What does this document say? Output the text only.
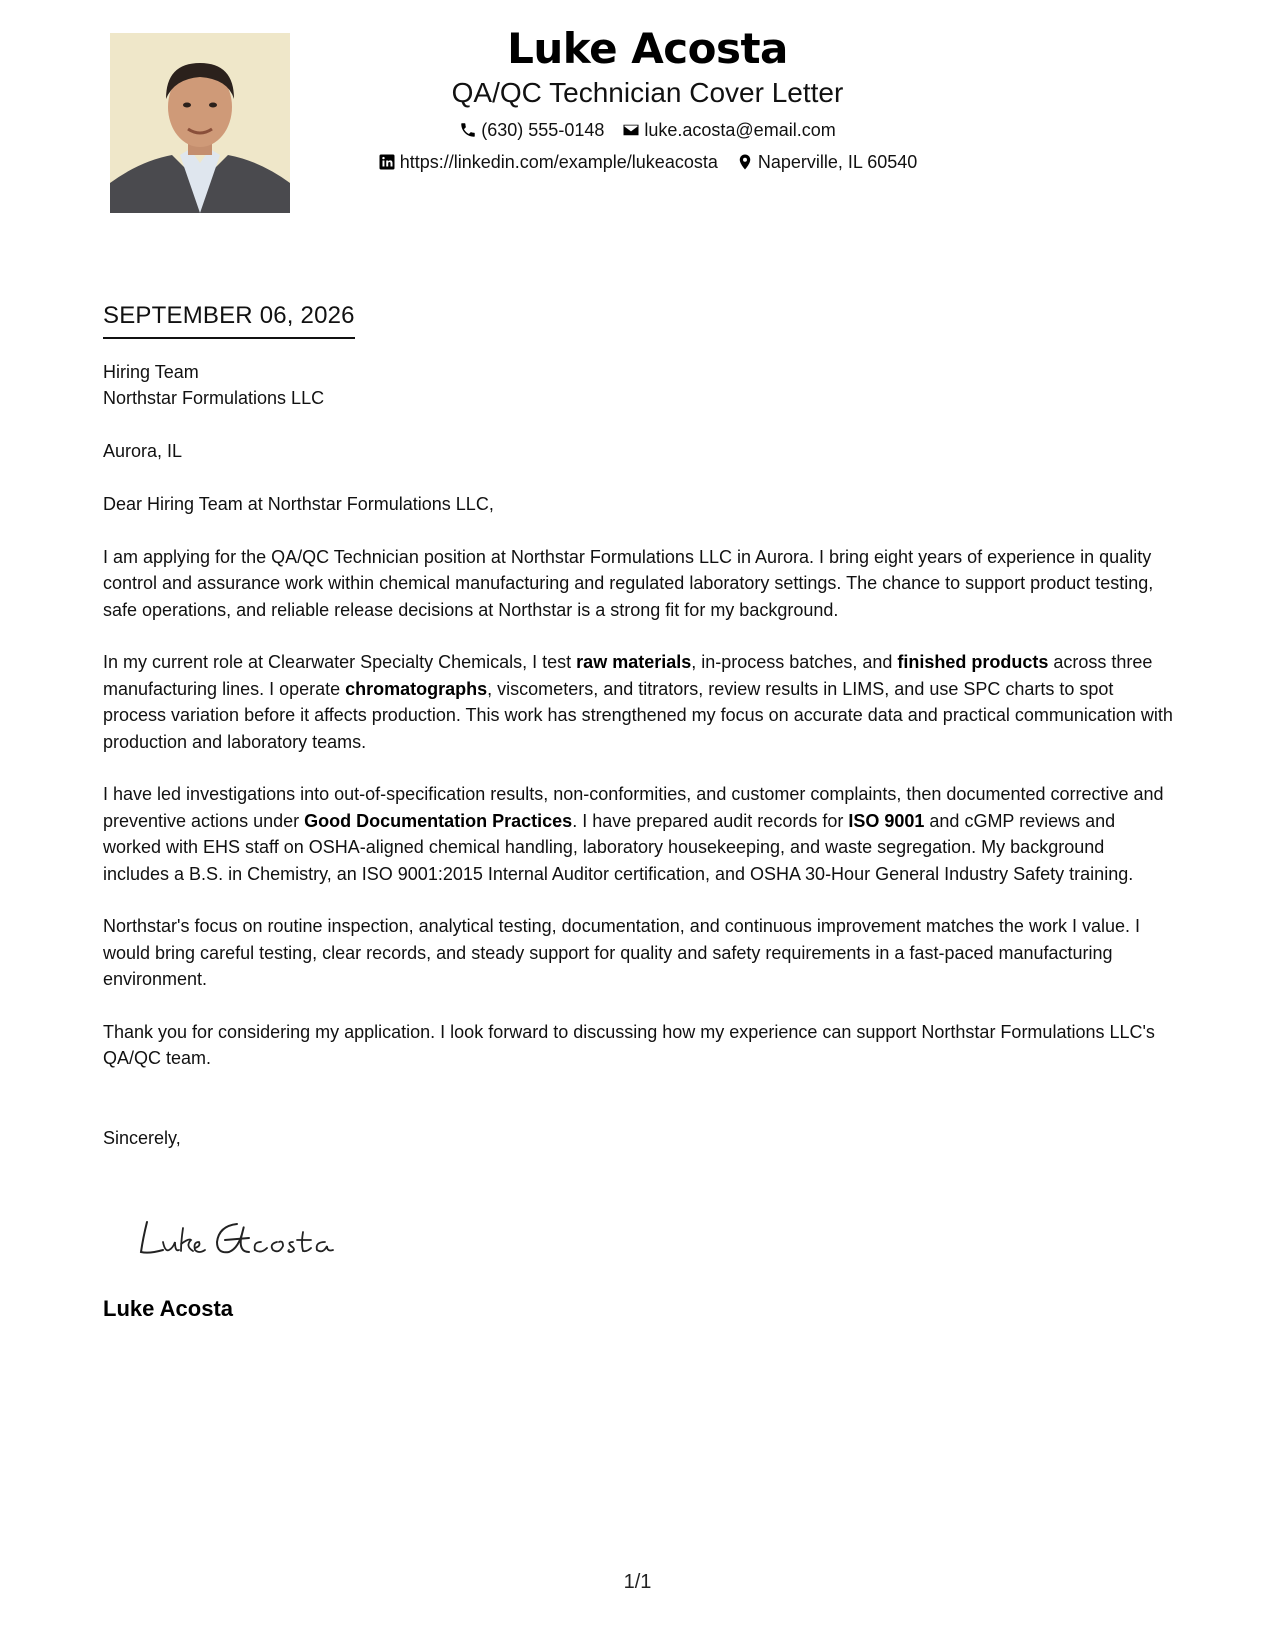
Luke Acosta
QA/QC Technician Cover Letter
(630) 555-0148 luke.acosta@email.com
https://linkedin.com/example/lukeacosta Naperville, IL 60540
SEPTEMBER 06, 2026

Hiring Team

Northstar Formulations LLC

Aurora, IL

Dear Hiring Team at Northstar Formulations LLC,

I am applying for the QA/QC Technician position at Northstar Formulations LLC in Aurora. I bring eight years of experience in quality control and assurance work within chemical manufacturing and regulated laboratory settings. The chance to support product testing, safe operations, and reliable release decisions at Northstar is a strong fit for my background.

In my current role at Clearwater Specialty Chemicals, I test raw materials, in-process batches, and finished products across three manufacturing lines. I operate chromatographs, viscometers, and titrators, review results in LIMS, and use SPC charts to spot process variation before it affects production. This work has strengthened my focus on accurate data and practical communication with production and laboratory teams.

I have led investigations into out-of-specification results, non-conformities, and customer complaints, then documented corrective and preventive actions under Good Documentation Practices. I have prepared audit records for ISO 9001 and cGMP reviews and worked with EHS staff on OSHA-aligned chemical handling, laboratory housekeeping, and waste segregation. My background includes a B.S. in Chemistry, an ISO 9001:2015 Internal Auditor certification, and OSHA 30-Hour General Industry Safety training.

Northstar's focus on routine inspection, analytical testing, documentation, and continuous improvement matches the work I value. I would bring careful testing, clear records, and steady support for quality and safety requirements in a fast-paced manufacturing environment.

Thank you for considering my application. I look forward to discussing how my experience can support Northstar Formulations LLC's QA/QC team.

Sincerely,

Luke Acosta
1/1
